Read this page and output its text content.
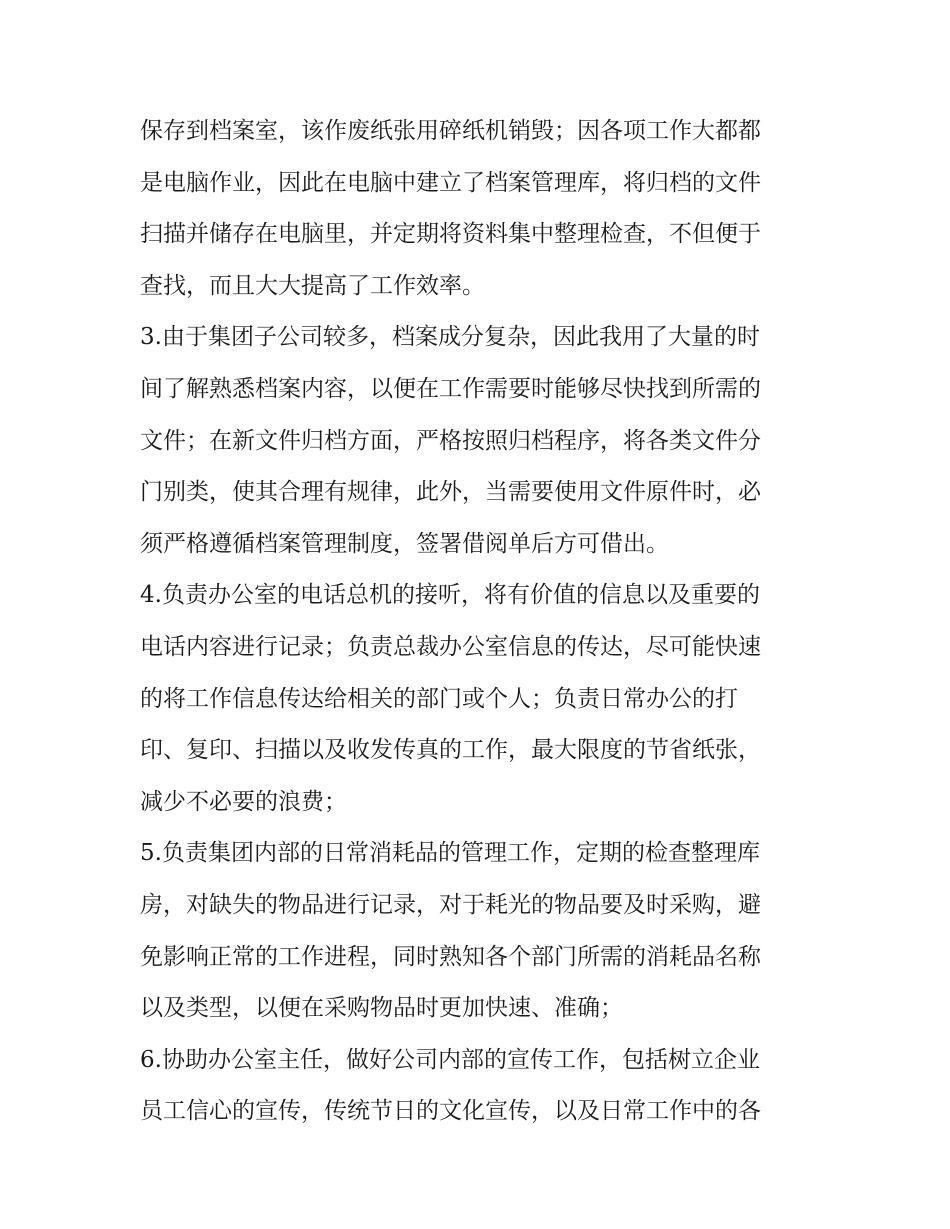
保存到档案室，该作废纸张用碎纸机销毁；因各项工作大都都
是电脑作业，因此在电脑中建立了档案管理库，将归档的文件
扫描并储存在电脑里，并定期将资料集中整理检查，不但便于
查找，而且大大提高了工作效率。
3.由于集团子公司较多，档案成分复杂，因此我用了大量的时
间了解熟悉档案内容，以便在工作需要时能够尽快找到所需的
文件；在新文件归档方面，严格按照归档程序，将各类文件分
门别类，使其合理有规律，此外，当需要使用文件原件时，必
须严格遵循档案管理制度，签署借阅单后方可借出。
4.负责办公室的电话总机的接听，将有价值的信息以及重要的
电话内容进行记录；负责总裁办公室信息的传达，尽可能快速
的将工作信息传达给相关的部门或个人；负责日常办公的打
印、复印、扫描以及收发传真的工作，最大限度的节省纸张，
减少不必要的浪费；
5.负责集团内部的日常消耗品的管理工作，定期的检查整理库
房，对缺失的物品进行记录，对于耗光的物品要及时采购，避
免影响正常的工作进程，同时熟知各个部门所需的消耗品名称
以及类型，以便在采购物品时更加快速、准确；
6.协助办公室主任，做好公司内部的宣传工作，包括树立企业
员工信心的宣传，传统节日的文化宣传，以及日常工作中的各
